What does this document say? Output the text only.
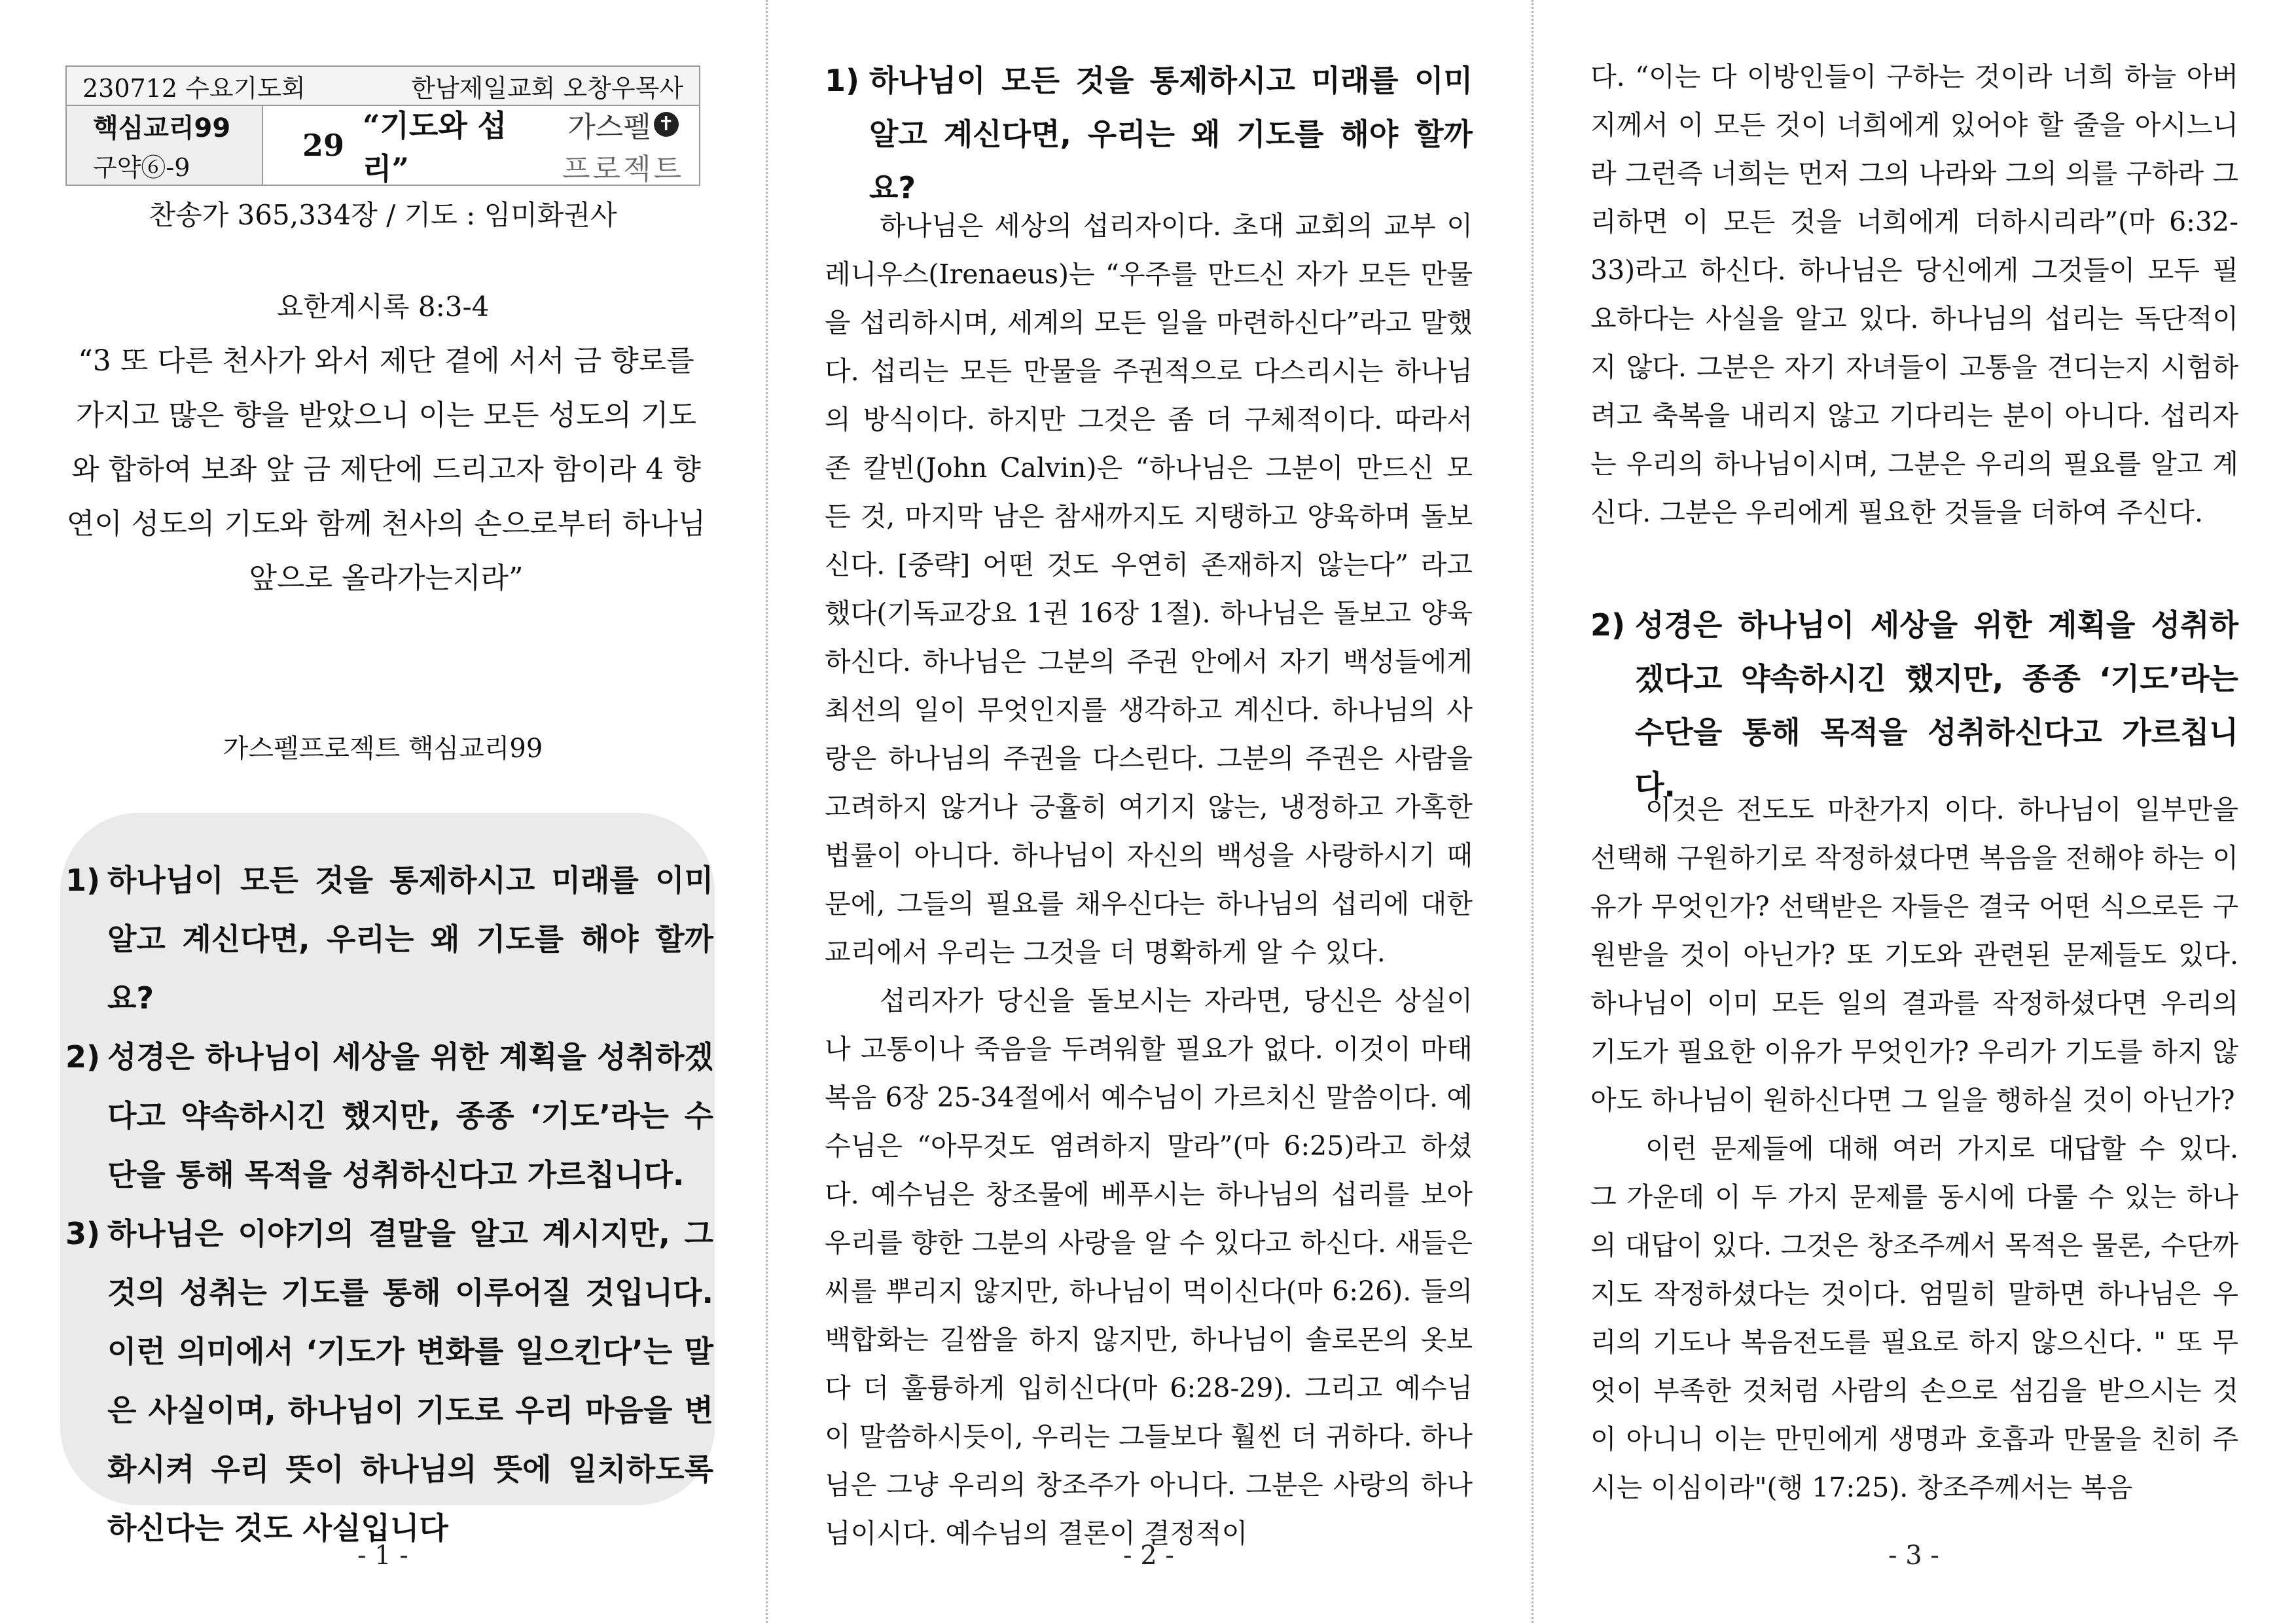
230712 수요기도회	한남제일교회 오창우목사
핵심교리99
구약⑥-9
29
“기도와 섭리”
가스펠 ✝
프로젝트
찬송가 365,334장 / 기도 : 임미화권사
요한계시록 8:3-4
“3 또 다른 천사가 와서 제단 곁에 서서 금 향로를 가지고 많은 향을 받았으니 이는 모든 성도의 기도와 합하여 보좌 앞 금 제단에 드리고자 함이라 4 향연이 성도의 기도와 함께 천사의 손으로부터 하나님 앞으로 올라가는지라”
가스펠프로젝트 핵심교리99
1) 하나님이 모든 것을 통제하시고 미래를 이미 알고 계신다면, 우리는 왜 기도를 해야 할까요?
2) 성경은 하나님이 세상을 위한 계획을 성취하겠다고 약속하시긴 했지만, 종종 ‘기도’라는 수단을 통해 목적을 성취하신다고 가르칩니다.
3) 하나님은 이야기의 결말을 알고 계시지만, 그것의 성취는 기도를 통해 이루어질 것입니다. 이런 의미에서 ‘기도가 변화를 일으킨다’는 말은 사실이며, 하나님이 기도로 우리 마음을 변화시켜 우리 뜻이 하나님의 뜻에 일치하도록 하신다는 것도 사실입니다
- 1 -
1) 하나님이 모든 것을 통제하시고 미래를 이미 알고 계신다면, 우리는 왜 기도를 해야 할까요?

하나님은 세상의 섭리자이다. 초대 교회의 교부 이레니우스(Irenaeus)는 “우주를 만드신 자가 모든 만물을 섭리하시며, 세계의 모든 일을 마련하신다”라고 말했다. 섭리는 모든 만물을 주권적으로 다스리시는 하나님의 방식이다. 하지만 그것은 좀 더 구체적이다. 따라서 존 칼빈(John Calvin)은 “하나님은 그분이 만드신 모든 것, 마지막 남은 참새까지도 지탱하고 양육하며 돌보신다. [중략] 어떤 것도 우연히 존재하지 않는다” 라고 했다(기독교강요 1권 16장 1절). 하나님은 돌보고 양육하신다. 하나님은 그분의 주권 안에서 자기 백성들에게 최선의 일이 무엇인지를 생각하고 계신다. 하나님의 사랑은 하나님의 주권을 다스린다. 그분의 주권은 사람을 고려하지 않거나 긍휼히 여기지 않는, 냉정하고 가혹한 법률이 아니다. 하나님이 자신의 백성을 사랑하시기 때문에, 그들의 필요를 채우신다는 하나님의 섭리에 대한 교리에서 우리는 그것을 더 명확하게 알 수 있다.

섭리자가 당신을 돌보시는 자라면, 당신은 상실이나 고통이나 죽음을 두려워할 필요가 없다. 이것이 마태복음 6장 25-34절에서 예수님이 가르치신 말씀이다. 예수님은 “아무것도 염려하지 말라”(마 6:25)라고 하셨다. 예수님은 창조물에 베푸시는 하나님의 섭리를 보아 우리를 향한 그분의 사랑을 알 수 있다고 하신다. 새들은 씨를 뿌리지 않지만, 하나님이 먹이신다(마 6:26). 들의 백합화는 길쌈을 하지 않지만, 하나님이 솔로몬의 옷보다 더 훌륭하게 입히신다(마 6:28-29). 그리고 예수님이 말씀하시듯이, 우리는 그들보다 훨씬 더 귀하다. 하나님은 그냥 우리의 창조주가 아니다. 그분은 사랑의 하나님이시다. 예수님의 결론이 결정적이

- 2 -

다. “이는 다 이방인들이 구하는 것이라 너희 하늘 아버지께서 이 모든 것이 너희에게 있어야 할 줄을 아시느니라 그런즉 너희는 먼저 그의 나라와 그의 의를 구하라 그리하면 이 모든 것을 너희에게 더하시리라”(마 6:32-33)라고 하신다. 하나님은 당신에게 그것들이 모두 필요하다는 사실을 알고 있다. 하나님의 섭리는 독단적이지 않다. 그분은 자기 자녀들이 고통을 견디는지 시험하려고 축복을 내리지 않고 기다리는 분이 아니다. 섭리자는 우리의 하나님이시며, 그분은 우리의 필요를 알고 계신다. 그분은 우리에게 필요한 것들을 더하여 주신다.

2) 성경은 하나님이 세상을 위한 계획을 성취하겠다고 약속하시긴 했지만, 종종 ‘기도’라는 수단을 통해 목적을 성취하신다고 가르칩니다.

이것은 전도도 마찬가지 이다. 하나님이 일부만을 선택해 구원하기로 작정하셨다면 복음을 전해야 하는 이유가 무엇인가? 선택받은 자들은 결국 어떤 식으로든 구원받을 것이 아닌가? 또 기도와 관련된 문제들도 있다. 하나님이 이미 모든 일의 결과를 작정하셨다면 우리의 기도가 필요한 이유가 무엇인가? 우리가 기도를 하지 않아도 하나님이 원하신다면 그 일을 행하실 것이 아닌가?

이런 문제들에 대해 여러 가지로 대답할 수 있다. 그 가운데 이 두 가지 문제를 동시에 다룰 수 있는 하나의 대답이 있다. 그것은 창조주께서 목적은 물론, 수단까지도 작정하셨다는 것이다. 엄밀히 말하면 하나님은 우리의 기도나 복음전도를 필요로 하지 않으신다. " 또 무엇이 부족한 것처럼 사람의 손으로 섬김을 받으시는 것이 아니니 이는 만민에게 생명과 호흡과 만물을 친히 주시는 이심이라"(행 17:25). 창조주께서는 복음

- 3 -
